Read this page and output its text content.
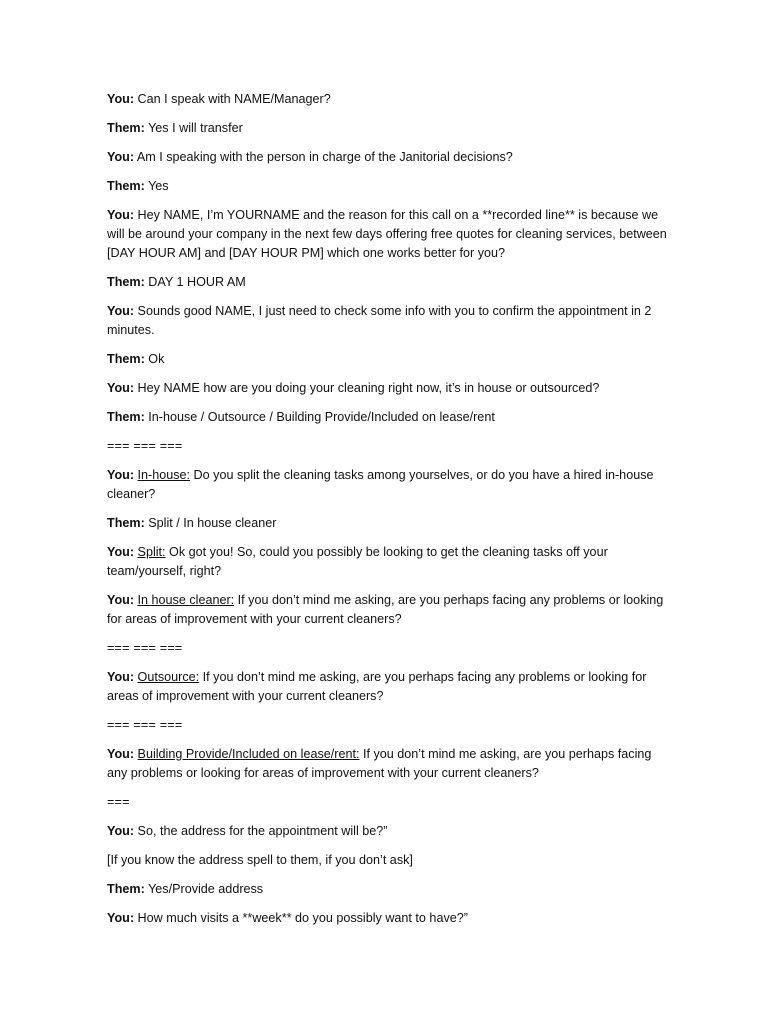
You: Can I speak with NAME/Manager?

Them: Yes I will transfer

You: Am I speaking with the person in charge of the Janitorial decisions?

Them: Yes

You: Hey NAME, I’m YOURNAME and the reason for this call on a **recorded line** is because we will be around your company in the next few days offering free quotes for cleaning services, between [DAY HOUR AM] and [DAY HOUR PM] which one works better for you?

Them: DAY 1 HOUR AM

You: Sounds good NAME, I just need to check some info with you to confirm the appointment in 2 minutes.

Them: Ok

You: Hey NAME how are you doing your cleaning right now, it’s in house or outsourced?

Them: In-house / Outsource / Building Provide/Included on lease/rent

=== === ===

You: In-house: Do you split the cleaning tasks among yourselves, or do you have a hired in-house cleaner?

Them: Split / In house cleaner

You: Split: Ok got you! So, could you possibly be looking to get the cleaning tasks off your team/yourself, right?

You: In house cleaner: If you don’t mind me asking, are you perhaps facing any problems or looking for areas of improvement with your current cleaners?

=== === ===

You: Outsource: If you don’t mind me asking, are you perhaps facing any problems or looking for areas of improvement with your current cleaners?

=== === ===

You: Building Provide/Included on lease/rent: If you don’t mind me asking, are you perhaps facing any problems or looking for areas of improvement with your current cleaners?

===

You: So, the address for the appointment will be?”

[If you know the address spell to them, if you don’t ask]

Them: Yes/Provide address

You: How much visits a **week** do you possibly want to have?”
